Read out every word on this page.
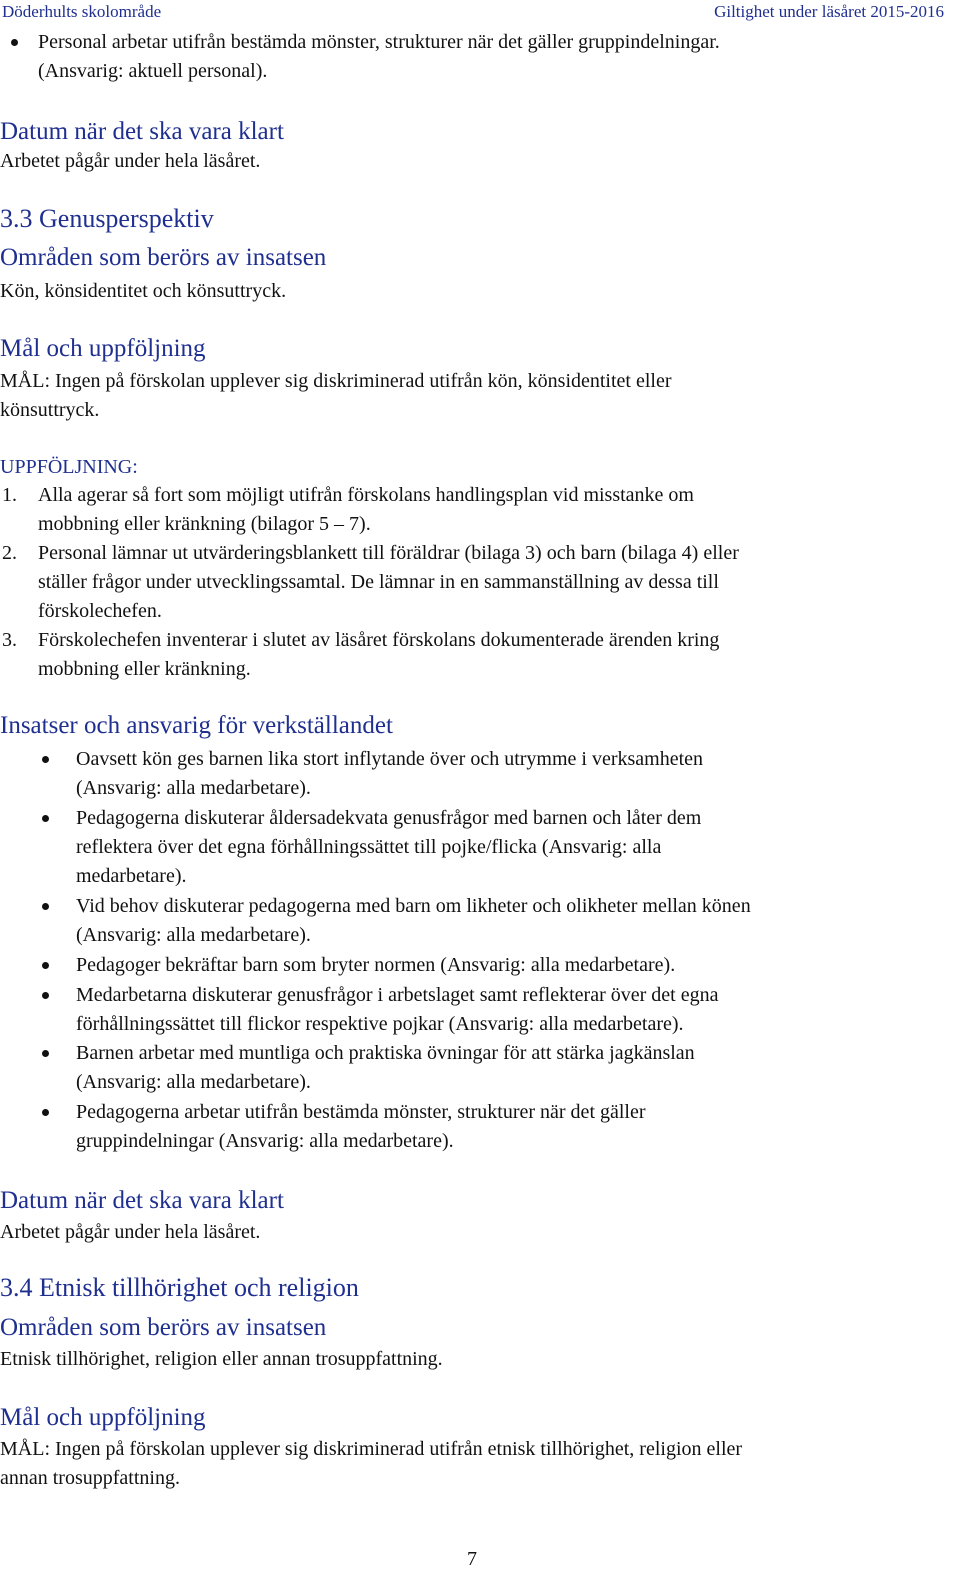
Döderhults skolområde	Giltighet under läsåret 2015-2016
Personal arbetar utifrån bestämda mönster, strukturer när det gäller gruppindelningar.
(Ansvarig: aktuell personal).
Datum när det ska vara klart
Arbetet pågår under hela läsåret.
3.3 Genusperspektiv
Områden som berörs av insatsen
Kön, könsidentitet och könsuttryck.
Mål och uppföljning
MÅL: Ingen på förskolan upplever sig diskriminerad utifrån kön, könsidentitet eller
könsuttryck.
UPPFÖLJNING:
1. Alla agerar så fort som möjligt utifrån förskolans handlingsplan vid misstanke om
mobbning eller kränkning (bilagor 5 – 7).
2. Personal lämnar ut utvärderingsblankett till föräldrar (bilaga 3) och barn (bilaga 4) eller
ställer frågor under utvecklingssamtal. De lämnar in en sammanställning av dessa till
förskolechefen.
3. Förskolechefen inventerar i slutet av läsåret förskolans dokumenterade ärenden kring
mobbning eller kränkning.
Insatser och ansvarig för verkställandet
Oavsett kön ges barnen lika stort inflytande över och utrymme i verksamheten
(Ansvarig: alla medarbetare).
Pedagogerna diskuterar åldersadekvata genusfrågor med barnen och låter dem
reflektera över det egna förhållningssättet till pojke/flicka (Ansvarig: alla
medarbetare).
Vid behov diskuterar pedagogerna med barn om likheter och olikheter mellan könen
(Ansvarig: alla medarbetare).
Pedagoger bekräftar barn som bryter normen (Ansvarig: alla medarbetare).
Medarbetarna diskuterar genusfrågor i arbetslaget samt reflekterar över det egna
förhållningssättet till flickor respektive pojkar (Ansvarig: alla medarbetare).
Barnen arbetar med muntliga och praktiska övningar för att stärka jagkänslan
(Ansvarig: alla medarbetare).
Pedagogerna arbetar utifrån bestämda mönster, strukturer när det gäller
gruppindelningar (Ansvarig: alla medarbetare).
Datum när det ska vara klart
Arbetet pågår under hela läsåret.
3.4 Etnisk tillhörighet och religion
Områden som berörs av insatsen
Etnisk tillhörighet, religion eller annan trosuppfattning.
Mål och uppföljning
MÅL: Ingen på förskolan upplever sig diskriminerad utifrån etnisk tillhörighet, religion eller
annan trosuppfattning.
7
